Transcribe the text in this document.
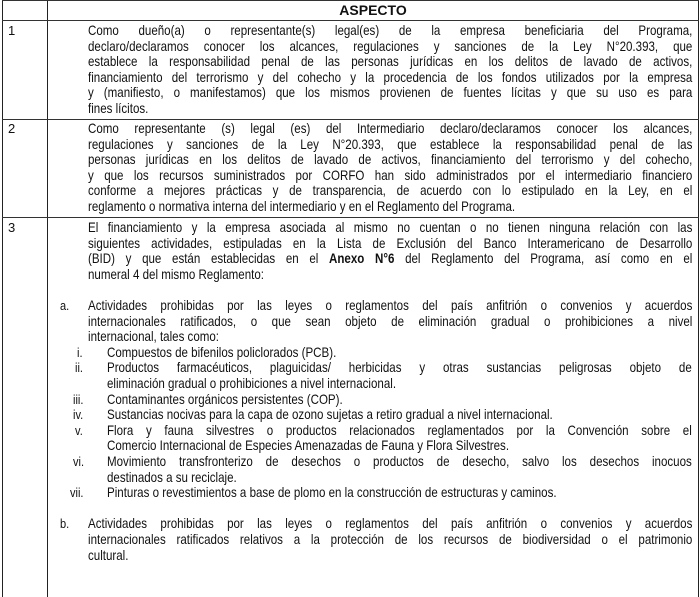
ASPECTO
1
2
3
Como dueño(a) o representante(s) legal(es) de la empresa beneficiaria del Programa,
declaro/declaramos conocer los alcances, regulaciones y sanciones de la Ley N°20.393, que
establece la responsabilidad penal de las personas jurídicas en los delitos de lavado de activos,
financiamiento del terrorismo y del cohecho y la procedencia de los fondos utilizados por la empresa
y (manifiesto, o manifestamos) que los mismos provienen de fuentes lícitas y que su uso es para
fines lícitos.
Como representante (s) legal (es) del Intermediario declaro/declaramos conocer los alcances,
regulaciones y sanciones de la Ley N°20.393, que establece la responsabilidad penal de las
personas jurídicas en los delitos de lavado de activos, financiamiento del terrorismo y del cohecho,
y que los recursos suministrados por CORFO han sido administrados por el intermediario financiero
conforme a mejores prácticas y de transparencia, de acuerdo con lo estipulado en la Ley, en el
reglamento o normativa interna del intermediario y en el Reglamento del Programa.
El financiamiento y la empresa asociada al mismo no cuentan o no tienen ninguna relación con las
siguientes actividades, estipuladas en la Lista de Exclusión del Banco Interamericano de Desarrollo
(BID) y que están establecidas en el Anexo N°6 del Reglamento del Programa, así como en el
numeral 4 del mismo Reglamento:
a. Actividades prohibidas por las leyes o reglamentos del país anfitrión o convenios y acuerdos
internacionales ratificados, o que sean objeto de eliminación gradual o prohibiciones a nivel
internacional, tales como:
i. Compuestos de bifenilos policlorados (PCB).
ii. Productos farmacéuticos, plaguicidas/ herbicidas y otras sustancias peligrosas objeto de
eliminación gradual o prohibiciones a nivel internacional.
iii. Contaminantes orgánicos persistentes (COP).
iv. Sustancias nocivas para la capa de ozono sujetas a retiro gradual a nivel internacional.
v. Flora y fauna silvestres o productos relacionados reglamentados por la Convención sobre el
Comercio Internacional de Especies Amenazadas de Fauna y Flora Silvestres.
vi. Movimiento transfronterizo de desechos o productos de desecho, salvo los desechos inocuos
destinados a su reciclaje.
vii. Pinturas o revestimientos a base de plomo en la construcción de estructuras y caminos.
b. Actividades prohibidas por las leyes o reglamentos del país anfitrión o convenios y acuerdos
internacionales ratificados relativos a la protección de los recursos de biodiversidad o el patrimonio
cultural.
